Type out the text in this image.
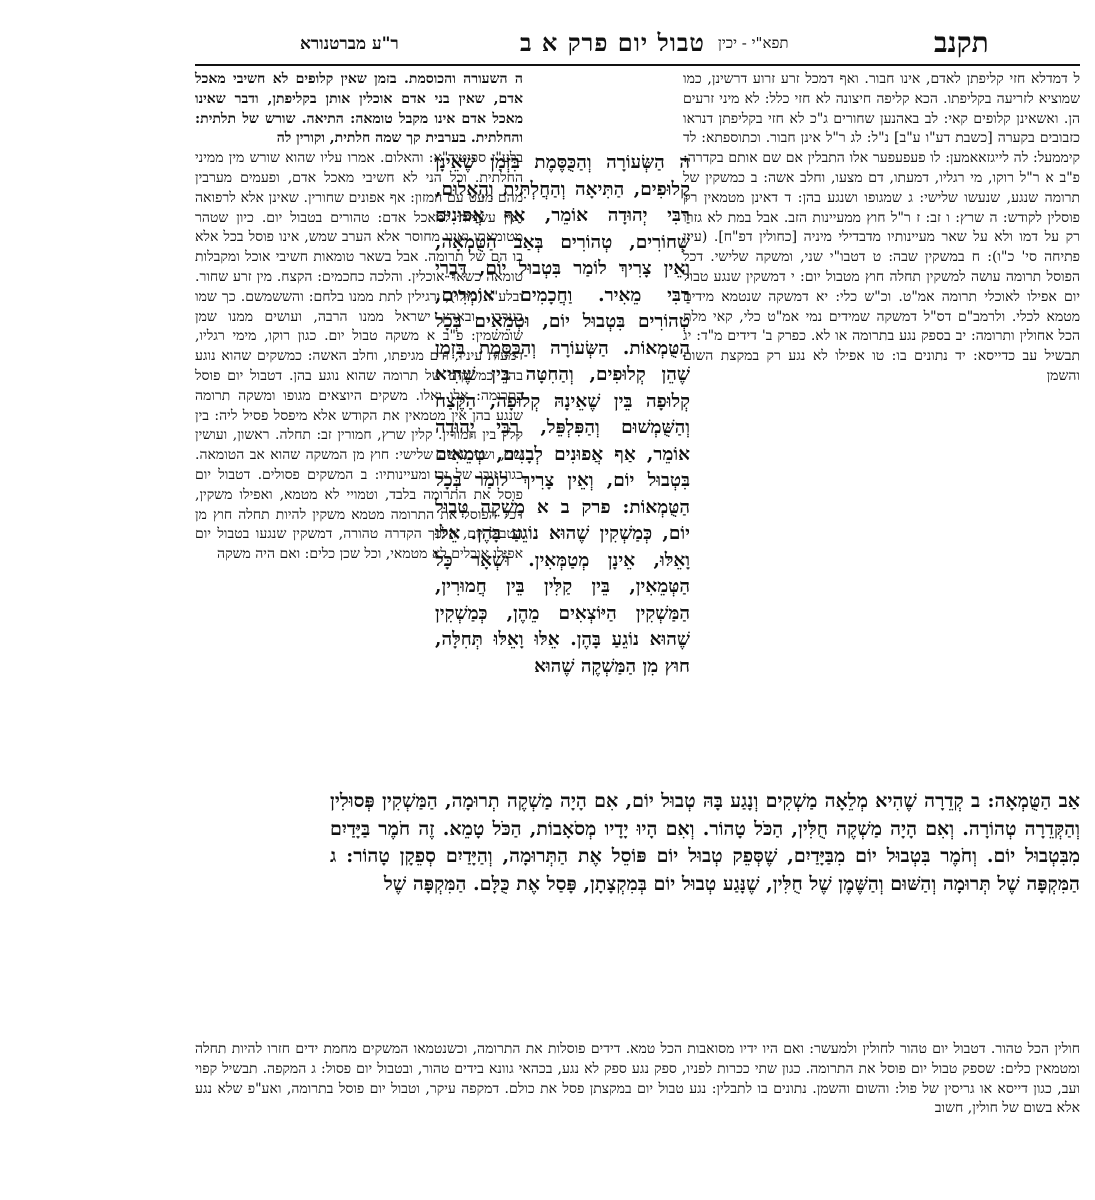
ר"ע מברטנורא	טבול יום פרק א ב תפא"י - יכין	תקנב
ל דמדלא חזי קליפתן לאדם, אינו חבור. ואף דמכל זרע זרוע דרשינן, כמו שמוציא לזריעה בקליפתו. הכא קליפה חיצונה לא חזי כלל: לא מיני זרעים הן. ואשאינן קלופים קאי: לב באהנען שחורים ג"כ לא חזי בקליפתן דנראו כזבובים בקערה [כשבת דע"ו ע"ב] נ"ל: לג ר"ל אינן חבור. וכתוספתא: לד קיממעל: לה לייגזאאמען: לו פעפעפער אלו התבלין אם שם אותם בקדרה: פ"ב א ר"ל רוקו, מי רגליו, דמעתו, דם מצעו, וחלב אשה: ב כמשקין של תרומה שנגע, שנעשו שלישי: ג שמגופו ושנגע בהן: ד דאינן מטמאין רק פוסלין לקודש: ה שרץ: ו זב: ז ר"ל חוץ ממעיינות הזב. אבל במת לא גזרו רק על דמו ולא על שאר מעיינותיו מדבדילי מיניה [כחולין דפ"ח]. (עיין פתיחה סי' כ"ו): ח במשקין שבה: ט דטבו"י שני, ומשקה שלישי. דכל הפוסל תרומה עושה למשקין תחלה חוץ מטבול יום: י דמשקין שנגע טבול יום אפילו לאוכלי תרומה אמ"ט. וכ"ש כלי: יא דמשקה שנטמא מידים מטמא לכלי. ולרמב"ם דס"ל דמשקה שמידים נמי אמ"ט כלי, קאי מלת הכל אחולין ותרומה: יב בספק נגע בתרומה או לא. כפרק ב' דידים מ"ד: יג תבשיל עב כדייסא: יד נתונים בו: טו אפילו לא נגע רק במקצת השום והשמן
ה השעורה והכוסמת. בזמן שאין קלופים לא חשיבי מאכל אדם, שאין בני אדם אוכלין אותן בקליפתן, ודבר שאינו מאכל אדם אינו מקבל טומאה: התיאה. שורש של תלתית: והחלתית. בערבית קך שמה חלתית, וקורין לה
בלע"ז ספיטיד"א: והאלום. אמרו עליו שהוא שורש מין ממיני החלתית. וכל הני לא חשיבי מאכל אדם, ופעמים מערבין מהם מעט עם המזון: אף אפונים שחורין. שאינן אלא לרפואה ואין עשויות למאכל אדם: טהורים בטבול יום. כיון שטהר מטומאתו ואינו מחוסר אלא הערב שמש, אינו פוסל בכל אלא בו הם של תרומה. אבל בשאר טומאות חשיבי אוכל ומקבלות טומאה כשאר אוכלין. והלכה כחכמים: הקצח. מין זרע שחור. ובלע"ז (ניילו), ורגילין לתת ממנו בלחם: והששמשם. כך שמו בערבי. ובארץ ישראל ממנו הרבה, ועושים ממנו שמן שומשמין: פ"ב א משקה טבול יום. כגון רוקו, מימי רגליו, דמעות עיניו, ודם מגיפתו, וחלב האשה: כמשקים שהוא נוגע בהן. כמשקים של תרומה שהוא נוגע בהן. דטבול יום פוסל בתרומה: אלו ואלו. משקים היוצאים מגופו ומשקה תרומה שנגע בהן אין מטמאין את הקודש אלא מיפסל פסיל ליה: בין קלין בין חמורין. קלין שרץ, חמורין זב: תחלה. ראשון, ועושין שני, ושני עושה שלישי: חוץ מן המשקה שהוא אב הטומאה. כגון זובו של זב ומעיינותיו: ב המשקים פסולים. דטבול יום פוסל את התרומה בלבד, וטמויי לא מטמא, ואפילו משקין, דכל הפוסל את התרומה מטמא משקין להיות תחלה חוץ מן הטבול יום, הלכך הקדרה טהורה, דמשקין שנגעו בטבול יום אפילו אוכלים לא מטמאי, וכל שכן כלים: ואם היה משקה
ה הַשְּׂעוֹרָה וְהַכֻּסֶּמֶת בִּזְמַן שֶׁאֵינָן קְלוּפִים, הַתִּיאָה וְהַחֲלְתִּית וְהָאָלוּם, רַבִּי יְהוּדָה אוֹמֵר, אַף אֲפוּנִים שְׁחוֹרִים, טְהוֹרִים בְּאַב הַטֻּמְאָה, וְאֵין צָרִיךְ לוֹמַר בִּטְבוּל יוֹם, דִּבְרֵי רַבִּי מֵאִיר. וַחֲכָמִים אוֹמְרִים, טְהוֹרִים בִּטְבוּל יוֹם, וּטְמֵאִים בְּכָל הַטֻּמְאוֹת. הַשְּׂעוֹרָה וְהַכֻּסֶּמֶת בִּזְמַן שֶׁהֵן קְלוּפִים, וְהַחִטָּה בֵּין שֶׁהִיא קְלוּפָה בֵּין שֶׁאֵינָהּ קְלוּפָה, הַקֶּצַח וְהַשֻּׁמְשׁוּם וְהַפִּלְפֵּל, רַבִּי יְהוּדָה אוֹמֵר, אַף אֲפוּנִים לְבָנִים, טְמֵאִים בִּטְבוּל יוֹם, וְאֵין צָרִיךְ לוֹמַר בְּכָל הַטֻּמְאוֹת: פרק ב א מַשְׁקֵה טְבוּל יוֹם, כְּמַשְׁקִין שֶׁהוּא נוֹגֵעַ בָּהֶן. אֵלּוּ וָאֵלּוּ, אֵינָן מְטַמְּאִין. וּשְׁאָר כָּל הַטְּמֵאִין, בֵּין קַלִּין בֵּין חֲמוּרִין, הַמַּשְׁקִין הַיּוֹצְאִים מֵהֶן, כְּמַשְׁקִין שֶׁהוּא נוֹגֵעַ בָּהֶן. אֵלּוּ וָאֵלּוּ תְּחִלָּה, חוּץ מִן הַמַּשְׁקֶה שֶׁהוּא
אַב הַטֻּמְאָה: ב קְדֵרָה שֶׁהִיא מְלֵאָה מַשְׁקִים וְנָגַע בָּהּ טְבוּל יוֹם, אִם הָיָה מַשְׁקֶה תְרוּמָה, הַמַּשְׁקִין פְּסוּלִין וְהַקְּדֵרָה טְהוֹרָה. וְאִם הָיָה מַשְׁקֶה חֻלִּין, הַכֹּל טָהוֹר. וְאִם הָיוּ יָדָיו מְסֹאָבוֹת, הַכֹּל טָמֵא. זֶה חֹמֶר בַּיָּדַיִם מִבִּטְבוּל יוֹם. וְחֹמֶר בִּטְבוּל יוֹם מִבַּיָּדַיִם, שֶׁסְּפֵק טְבוּל יוֹם פּוֹסֵל אֶת הַתְּרוּמָה, וְהַיָּדַיִם סְפֵקָן טָהוֹר: ג הַמִּקְפָּה שֶׁל תְּרוּמָה וְהַשּׁוּם וְהַשֶּׁמֶן שֶׁל חֻלִּין, שֶׁנָּגַע טְבוּל יוֹם בְּמִקְצָתָן, פָּסַל אֶת כֻּלָּם. הַמִּקְפָּה שֶׁל
חולין הכל טהור. דטבול יום טהור לחולין ולמעשר: ואם היו ידיו מסואבות הכל טמא. דידים פוסלות את התרומה, וכשנטמאו המשקים מחמת ידים חזרו להיות תחלה ומטמאין כלים: שספק טבול יום פוסל את התרומה. כגון שתי ככרות לפניו, ספק נגע ספק לא נגע, בכהאי גוונא בידים טהור, ובטבול יום פסול: ג המקפה. תבשיל קפוי ועב, כגון דייסא או גריסין של פול: והשום והשמן. נתונים בו לתבלין: נגע טבול יום במקצתן פסל את כולם. דמקפה עיקר, וטבול יום פוסל בתרומה, ואע"פ שלא נגע אלא בשום של חולין, חשוב
